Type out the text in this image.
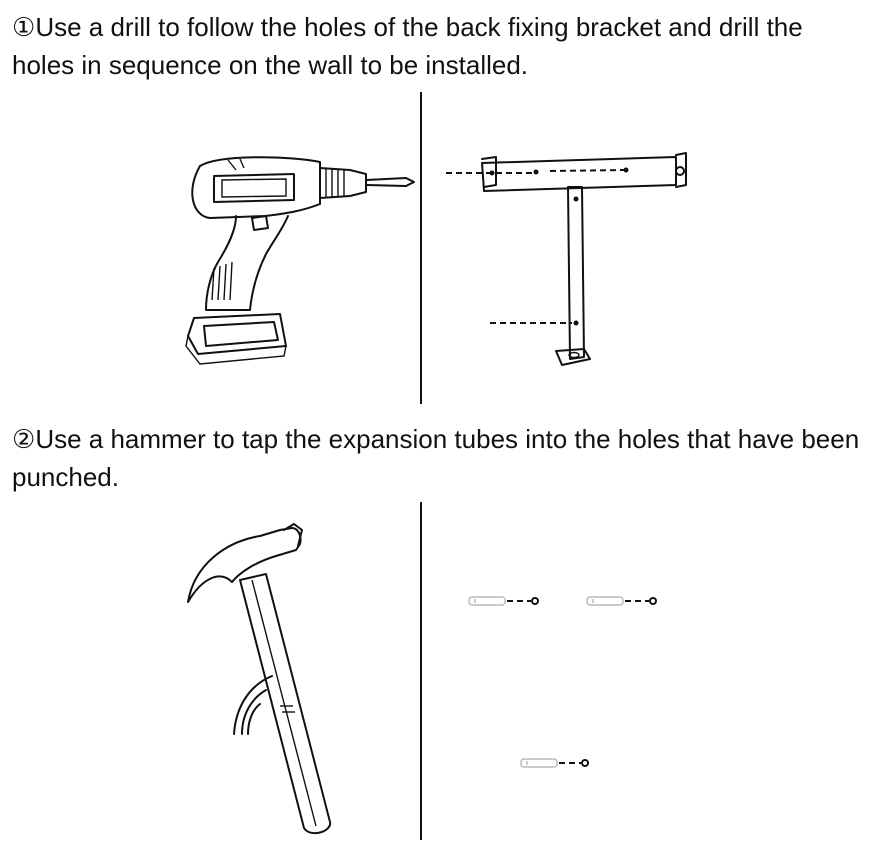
①Use a drill to follow the holes of the back fixing bracket and drill the holes in sequence on the wall to be installed.

②Use a hammer to tap the expansion tubes into the holes that have been punched.
